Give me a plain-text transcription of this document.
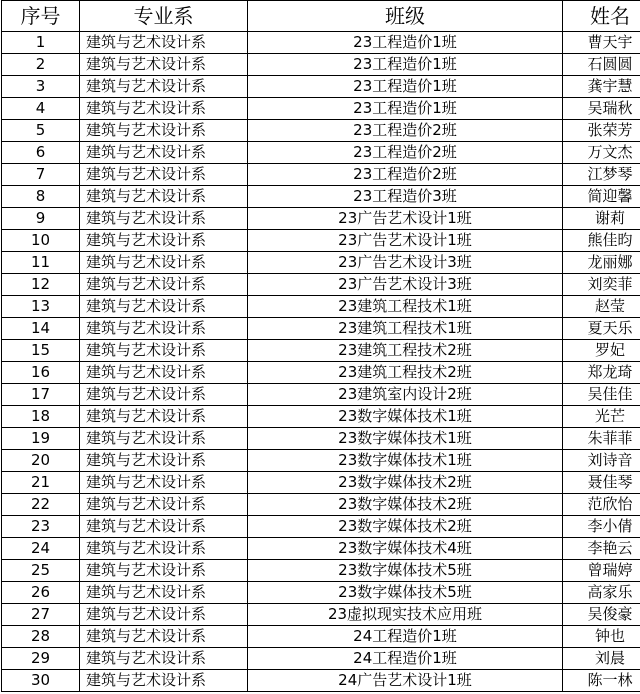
序号	专业系	班级	姓名
1	建筑与艺术设计系	23工程造价1班	曹天宇
2	建筑与艺术设计系	23工程造价1班	石圆圆
3	建筑与艺术设计系	23工程造价1班	龚宇慧
4	建筑与艺术设计系	23工程造价1班	吴瑞秋
5	建筑与艺术设计系	23工程造价2班	张荣芳
6	建筑与艺术设计系	23工程造价2班	万文杰
7	建筑与艺术设计系	23工程造价2班	江梦琴
8	建筑与艺术设计系	23工程造价3班	简迎馨
9	建筑与艺术设计系	23广告艺术设计1班	谢莉
10	建筑与艺术设计系	23广告艺术设计1班	熊佳昀
11	建筑与艺术设计系	23广告艺术设计3班	龙丽娜
12	建筑与艺术设计系	23广告艺术设计3班	刘奕菲
13	建筑与艺术设计系	23建筑工程技术1班	赵莹
14	建筑与艺术设计系	23建筑工程技术1班	夏天乐
15	建筑与艺术设计系	23建筑工程技术2班	罗妃
16	建筑与艺术设计系	23建筑工程技术2班	郑龙琦
17	建筑与艺术设计系	23建筑室内设计2班	吴佳佳
18	建筑与艺术设计系	23数字媒体技术1班	光芒
19	建筑与艺术设计系	23数字媒体技术1班	朱菲菲
20	建筑与艺术设计系	23数字媒体技术1班	刘诗音
21	建筑与艺术设计系	23数字媒体技术2班	聂佳琴
22	建筑与艺术设计系	23数字媒体技术2班	范欣怡
23	建筑与艺术设计系	23数字媒体技术2班	李小倩
24	建筑与艺术设计系	23数字媒体技术4班	李艳云
25	建筑与艺术设计系	23数字媒体技术5班	曾瑞婷
26	建筑与艺术设计系	23数字媒体技术5班	高家乐
27	建筑与艺术设计系	23虚拟现实技术应用班	吴俊豪
28	建筑与艺术设计系	24工程造价1班	钟也
29	建筑与艺术设计系	24工程造价1班	刘晨
30	建筑与艺术设计系	24广告艺术设计1班	陈一林
